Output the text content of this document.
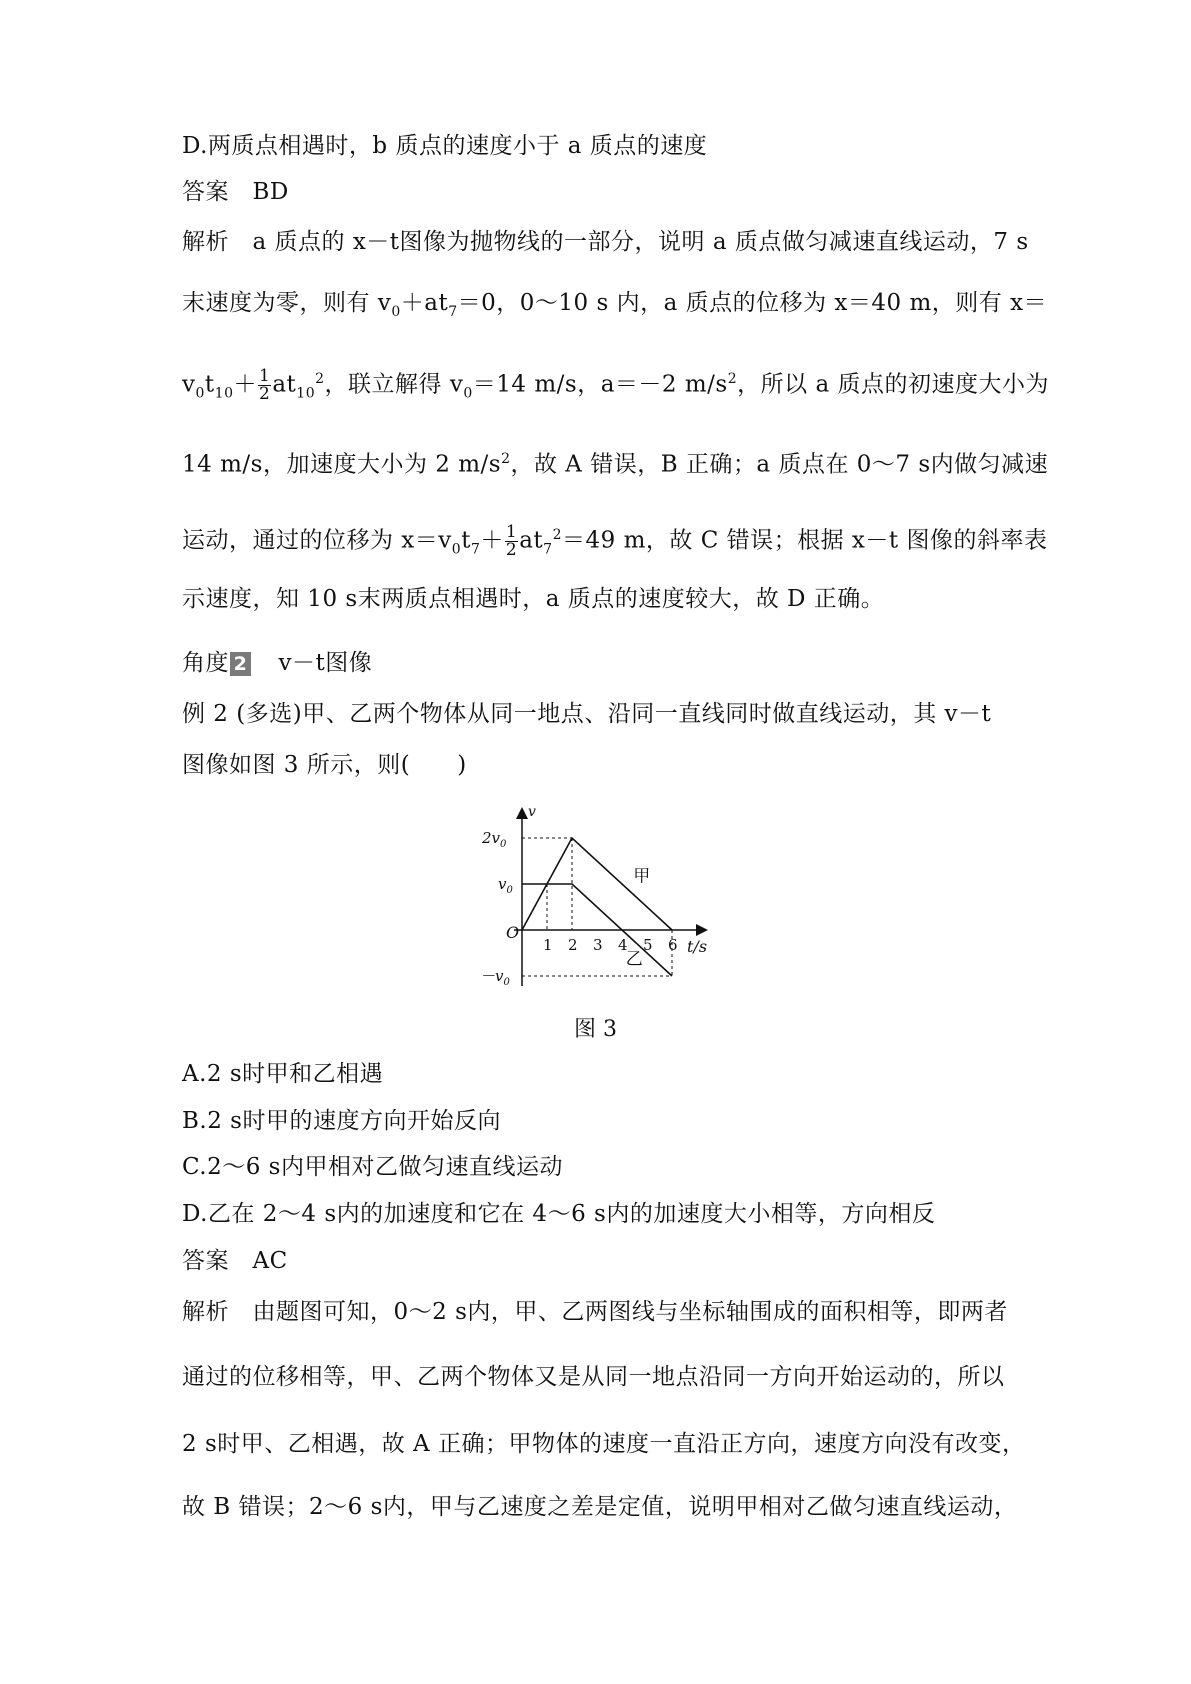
D.两质点相遇时，b 质点的速度小于 a 质点的速度
答案　BD
解析　a 质点的 x－t图像为抛物线的一部分，说明 a 质点做匀减速直线运动，7 s
末速度为零，则有 $v_0+at_7=0$，0～10 s 内，a 质点的位移为 x＝40 m，则有 x＝
$v_0t_{10}+ \frac{1}{2} at_{10}^2$，联立解得 $v_0=14$ m/s，a＝－2 $m/s^2$，所以 a 质点的初速度大小为
14 m/s，加速度大小为 2 $m/s^2$，故 A 错误，B 正确；a 质点在 0～7 s内做匀减速
运动，通过的位移为 $x=v_0t_7+ \frac{1}{2} at_7^2=49$ m，故 C 错误；根据 x－t 图像的斜率表
示速度，知 10 s末两质点相遇时，a 质点的速度较大，故 D 正确。
角度 2　 v－t图像
例 2 (多选)甲、乙两个物体从同一地点、沿同一直线同时做直线运动，其 v－t
图像如图 3 所示，则(　　)
v
t/s
O
$2v_0$
$v_0$
$-v_0$
1 2 3 4 5 6
甲
乙
图 3
A.2 s时甲和乙相遇
B.2 s时甲的速度方向开始反向
C.2～6 s内甲相对乙做匀速直线运动
D.乙在 2～4 s内的加速度和它在 4～6 s内的加速度大小相等，方向相反
答案　AC
解析　由题图可知，0～2 s内，甲、乙两图线与坐标轴围成的面积相等，即两者
通过的位移相等，甲、乙两个物体又是从同一地点沿同一方向开始运动的，所以
2 s时甲、乙相遇，故 A 正确；甲物体的速度一直沿正方向，速度方向没有改变，
故 B 错误；2～6 s内，甲与乙速度之差是定值，说明甲相对乙做匀速直线运动，
